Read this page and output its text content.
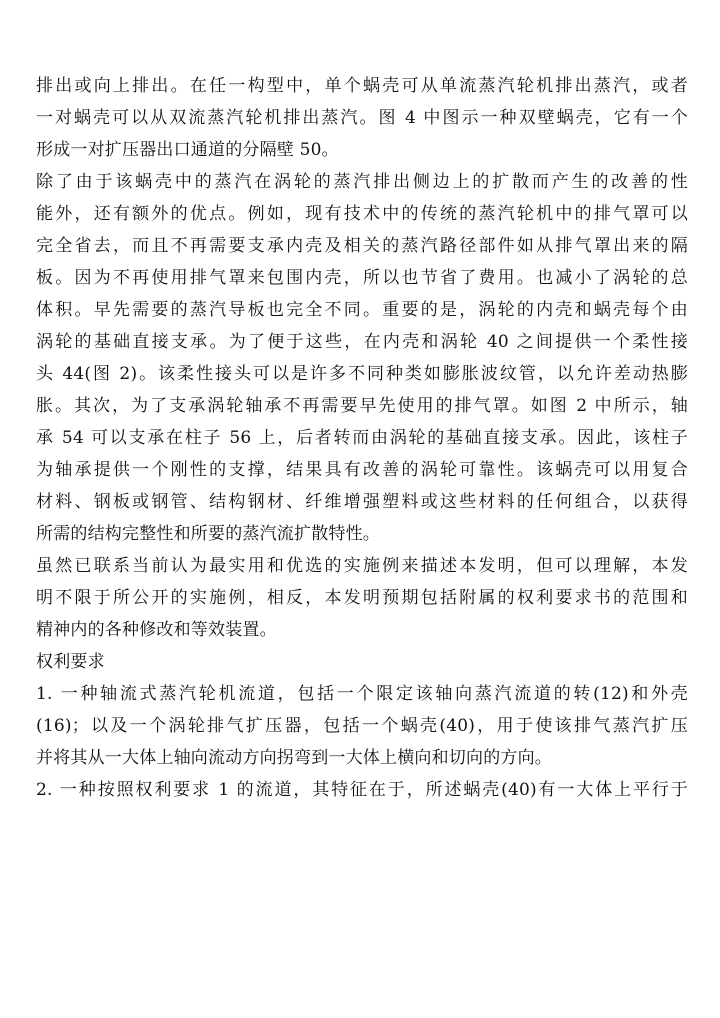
排出或向上排出。在任一构型中，单个蜗壳可从单流蒸汽轮机排出蒸汽，或者
一对蜗壳可以从双流蒸汽轮机排出蒸汽。图 4 中图示一种双壁蜗壳，它有一个
形成一对扩压器出口通道的分隔壁 50。

除了由于该蜗壳中的蒸汽在涡轮的蒸汽排出侧边上的扩散而产生的改善的性
能外，还有额外的优点。例如，现有技术中的传统的蒸汽轮机中的排气罩可以
完全省去，而且不再需要支承内壳及相关的蒸汽路径部件如从排气罩出来的隔
板。因为不再使用排气罩来包围内壳，所以也节省了费用。也减小了涡轮的总
体积。早先需要的蒸汽导板也完全不同。重要的是，涡轮的内壳和蜗壳每个由
涡轮的基础直接支承。为了便于这些，在内壳和涡轮 40 之间提供一个柔性接
头 44(图 2)。该柔性接头可以是许多不同种类如膨胀波纹管，以允许差动热膨
胀。其次，为了支承涡轮轴承不再需要早先使用的排气罩。如图 2 中所示，轴
承 54 可以支承在柱子 56 上，后者转而由涡轮的基础直接支承。因此，该柱子
为轴承提供一个刚性的支撑，结果具有改善的涡轮可靠性。该蜗壳可以用复合
材料、钢板或钢管、结构钢材、纤维增强塑料或这些材料的任何组合，以获得
所需的结构完整性和所要的蒸汽流扩散特性。

虽然已联系当前认为最实用和优选的实施例来描述本发明，但可以理解，本发
明不限于所公开的实施例，相反，本发明预期包括附属的权利要求书的范围和
精神内的各种修改和等效装置。

权利要求

1. 一种轴流式蒸汽轮机流道，包括一个限定该轴向蒸汽流道的转(12)和外壳
(16)；以及一个涡轮排气扩压器，包括一个蜗壳(40)，用于使该排气蒸汽扩压
并将其从一大体上轴向流动方向拐弯到一大体上横向和切向的方向。

2. 一种按照权利要求 1 的流道，其特征在于，所述蜗壳(40)有一大体上平行于
